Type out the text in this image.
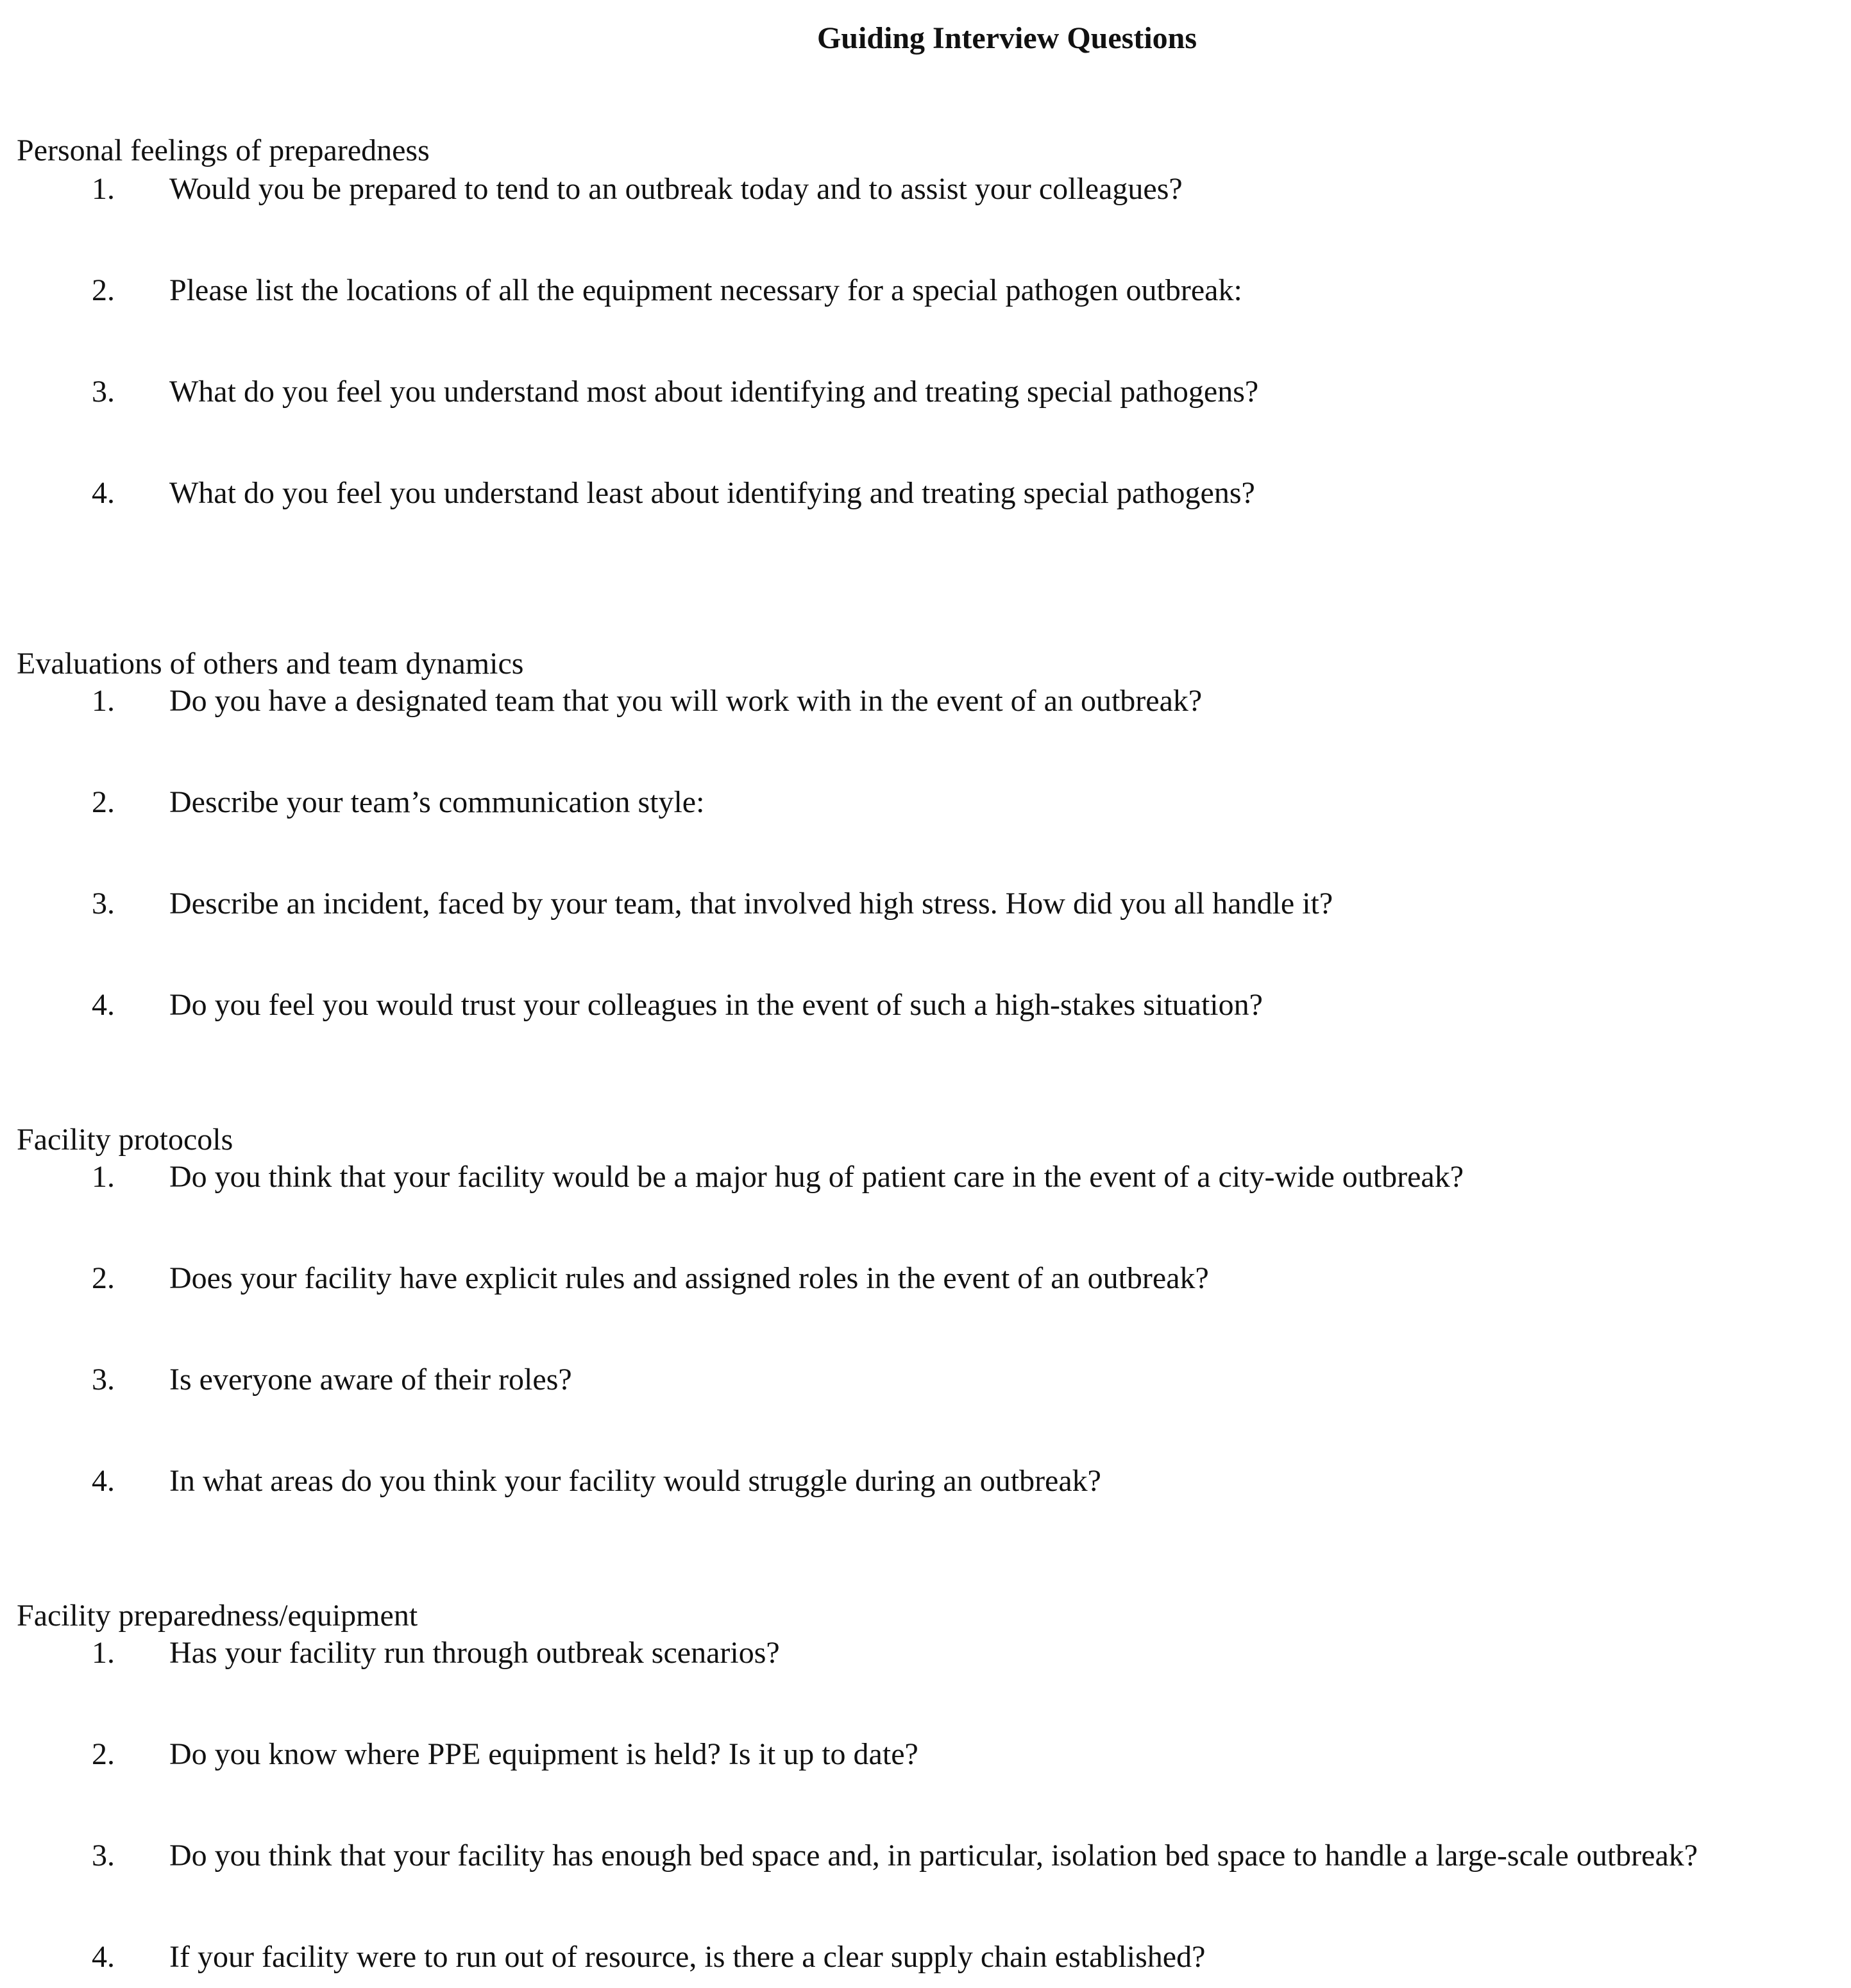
Guiding Interview Questions
Personal feelings of preparedness
1. Would you be prepared to tend to an outbreak today and to assist your colleagues?
2. Please list the locations of all the equipment necessary for a special pathogen outbreak:
3. What do you feel you understand most about identifying and treating special pathogens?
4. What do you feel you understand least about identifying and treating special pathogens?
Evaluations of others and team dynamics
1. Do you have a designated team that you will work with in the event of an outbreak?
2. Describe your team’s communication style:
3. Describe an incident, faced by your team, that involved high stress. How did you all handle it?
4. Do you feel you would trust your colleagues in the event of such a high-stakes situation?
Facility protocols
1. Do you think that your facility would be a major hug of patient care in the event of a city-wide outbreak?
2. Does your facility have explicit rules and assigned roles in the event of an outbreak?
3. Is everyone aware of their roles?
4. In what areas do you think your facility would struggle during an outbreak?
Facility preparedness/equipment
1. Has your facility run through outbreak scenarios?
2. Do you know where PPE equipment is held? Is it up to date?
3. Do you think that your facility has enough bed space and, in particular, isolation bed space to handle a large-scale outbreak?
4. If your facility were to run out of resource, is there a clear supply chain established?
